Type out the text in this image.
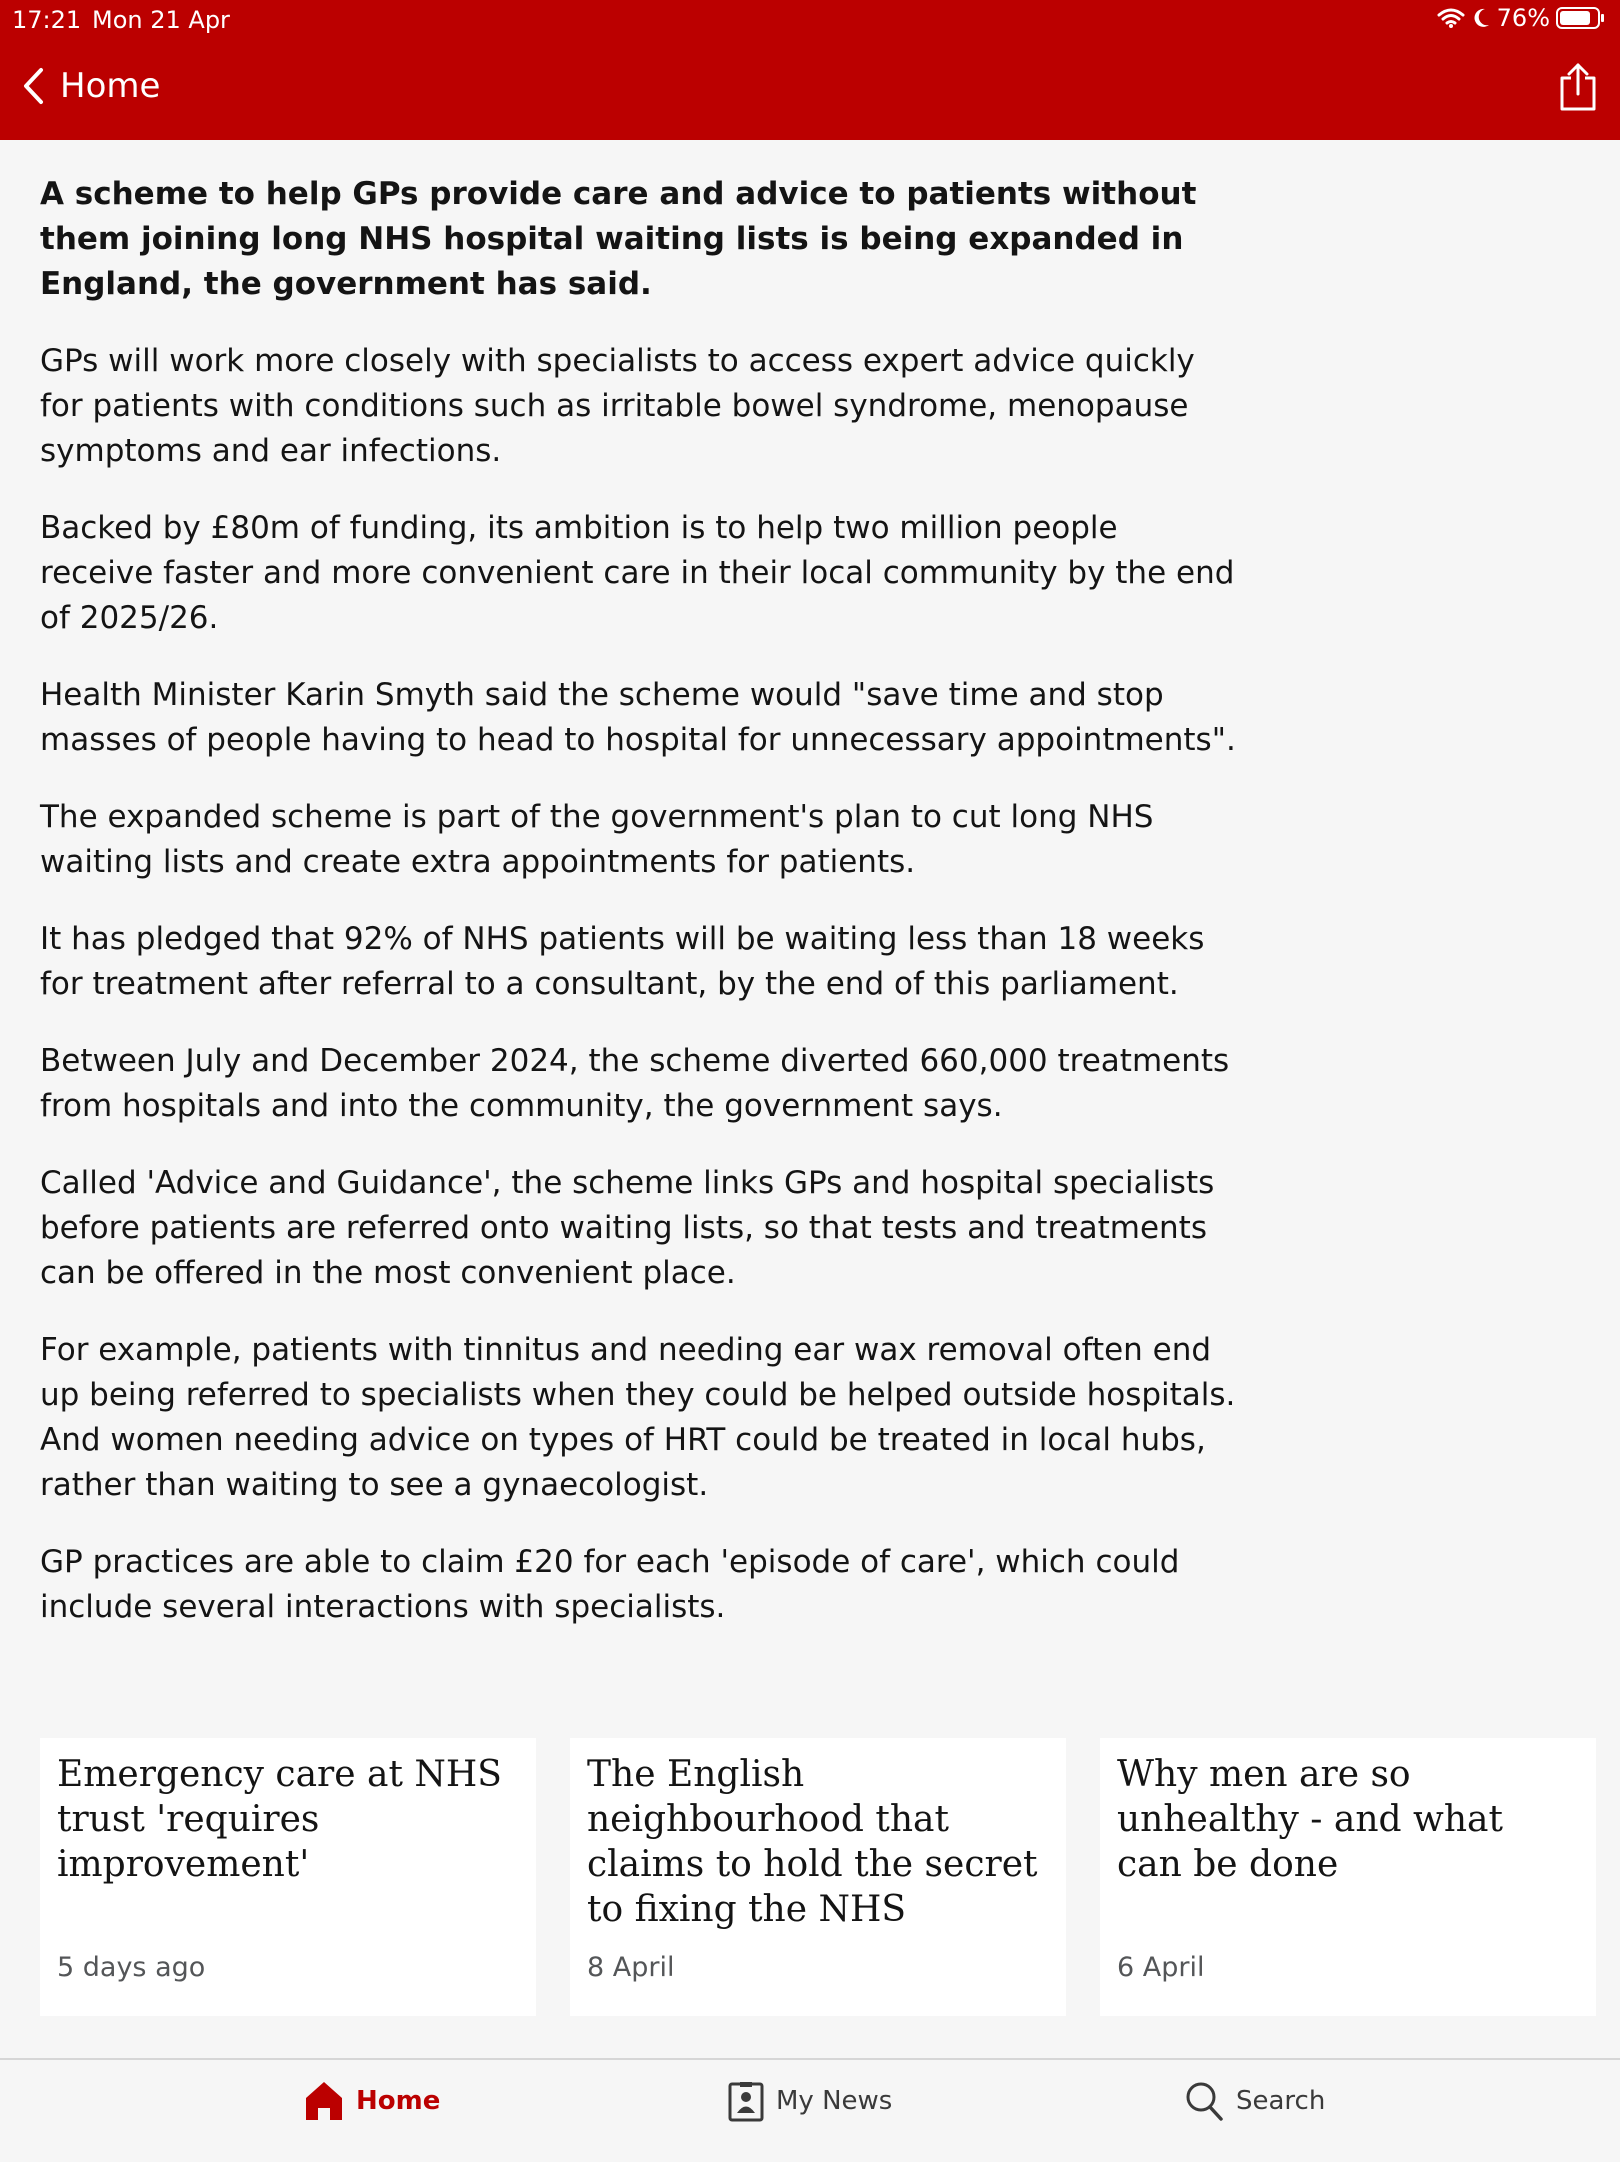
17:21 Mon 21 Apr	76%
Home

A scheme to help GPs provide care and advice to patients without them joining long NHS hospital waiting lists is being expanded in England, the government has said.

GPs will work more closely with specialists to access expert advice quickly for patients with conditions such as irritable bowel syndrome, menopause symptoms and ear infections.

Backed by £80m of funding, its ambition is to help two million people receive faster and more convenient care in their local community by the end of 2025/26.

Health Minister Karin Smyth said the scheme would "save time and stop masses of people having to head to hospital for unnecessary appointments".

The expanded scheme is part of the government's plan to cut long NHS waiting lists and create extra appointments for patients.

It has pledged that 92% of NHS patients will be waiting less than 18 weeks for treatment after referral to a consultant, by the end of this parliament.

Between July and December 2024, the scheme diverted 660,000 treatments from hospitals and into the community, the government says.

Called 'Advice and Guidance', the scheme links GPs and hospital specialists before patients are referred onto waiting lists, so that tests and treatments can be offered in the most convenient place.

For example, patients with tinnitus and needing ear wax removal often end up being referred to specialists when they could be helped outside hospitals. And women needing advice on types of HRT could be treated in local hubs, rather than waiting to see a gynaecologist.

GP practices are able to claim £20 for each 'episode of care', which could include several interactions with specialists.

Emergency care at NHS trust 'requires improvement'
5 days ago
The English neighbourhood that claims to hold the secret to fixing the NHS
8 April
Why men are so unhealthy - and what can be done
6 April
Home	My News	Search
